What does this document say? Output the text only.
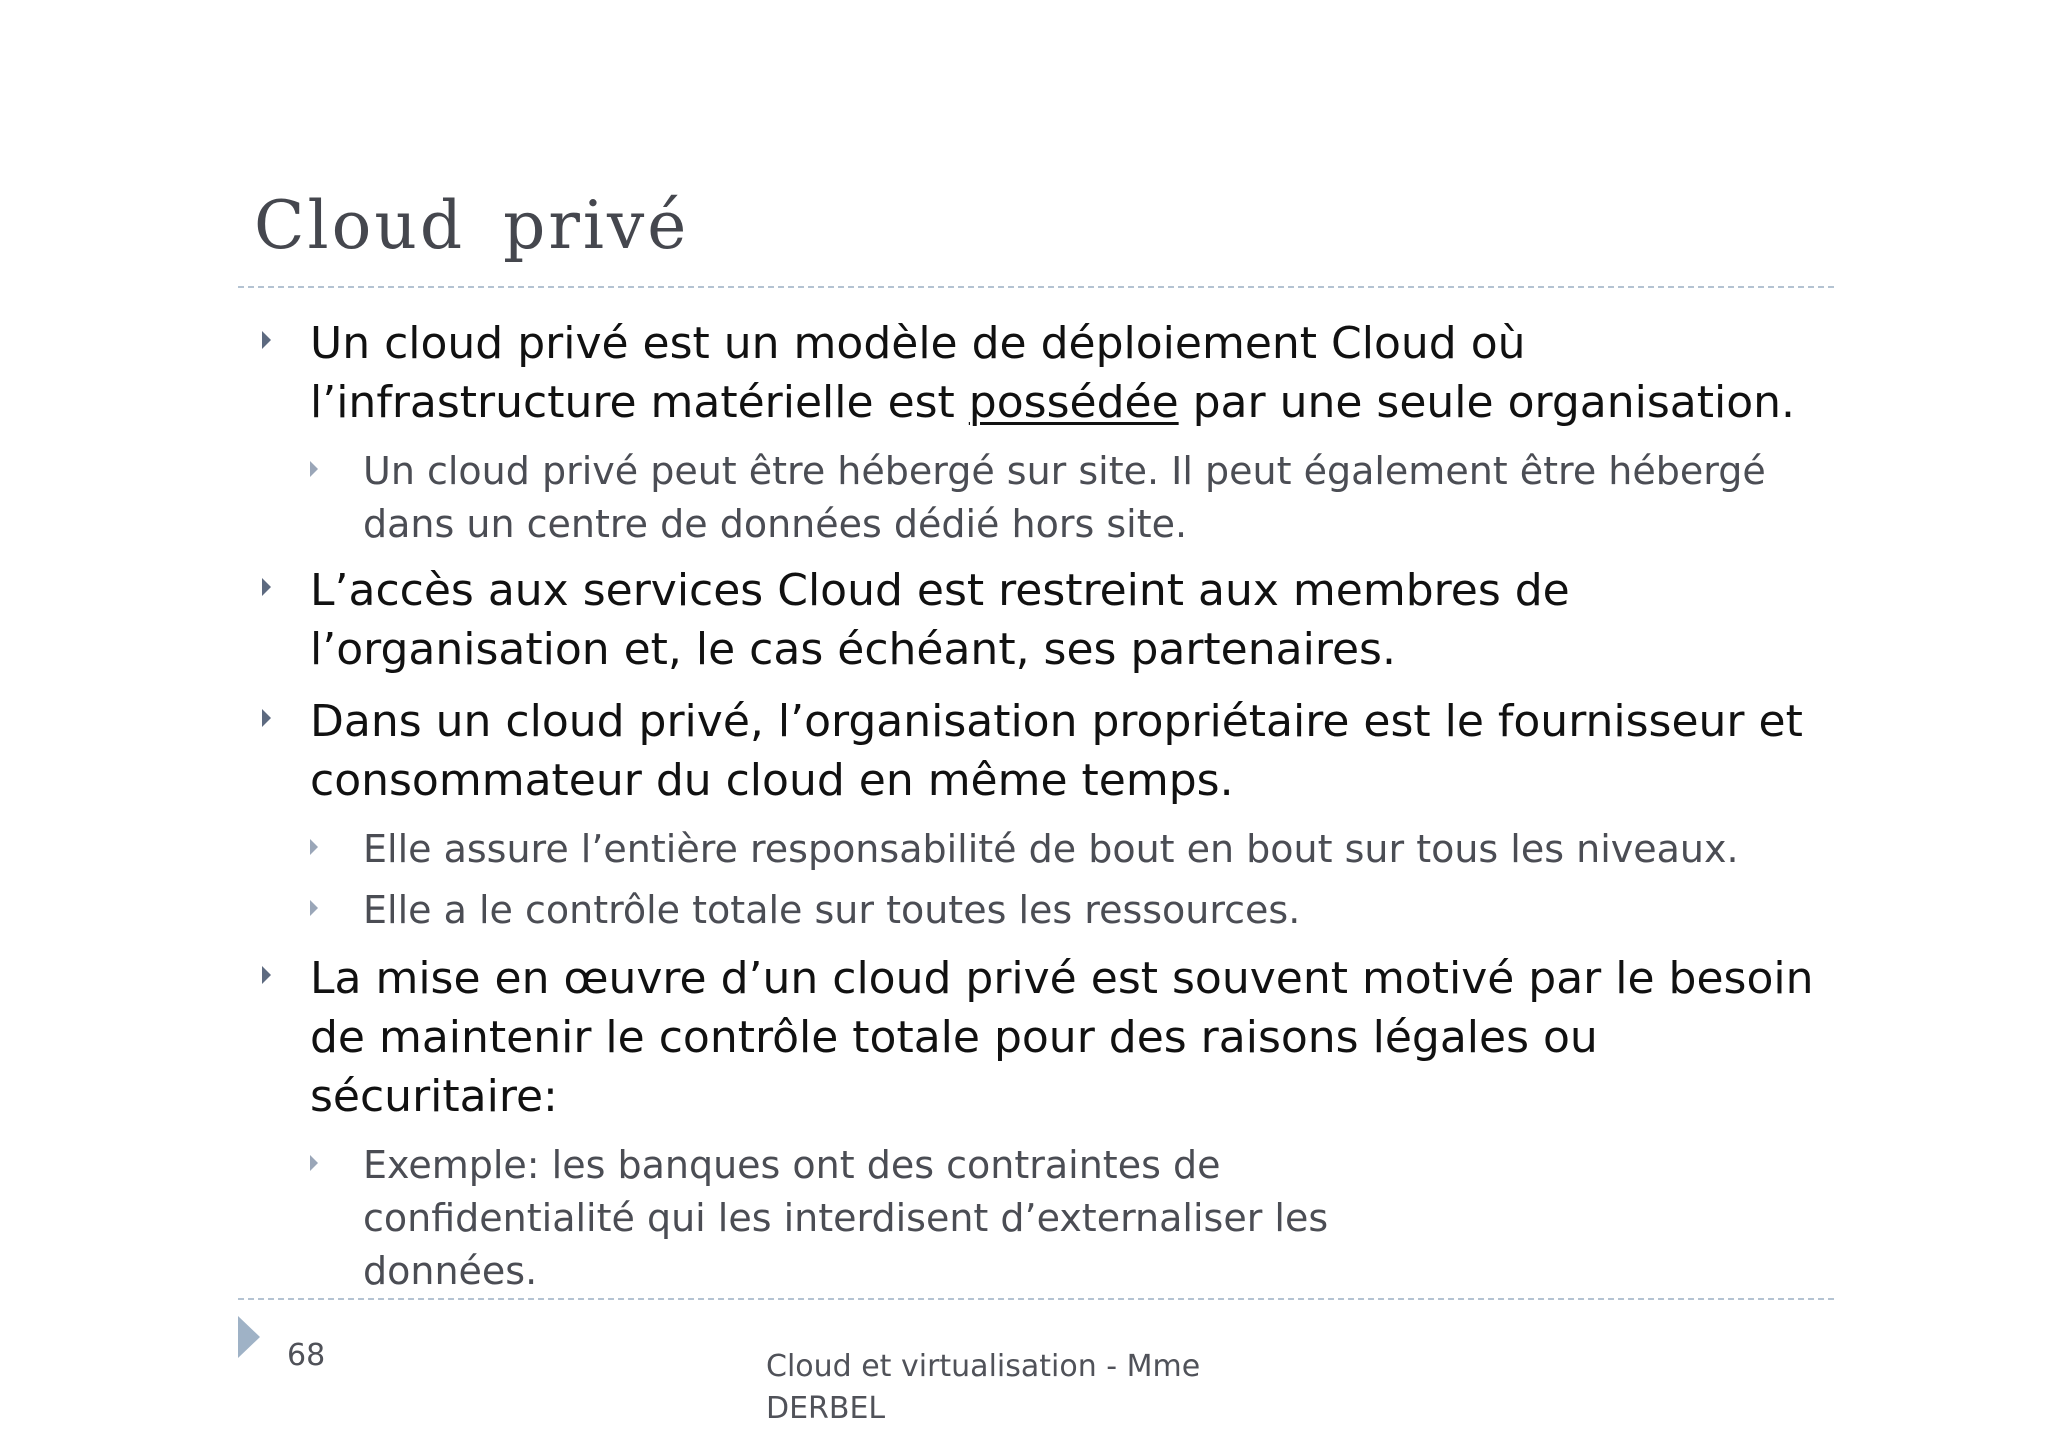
Cloud privé
Un cloud privé est un modèle de déploiement Cloud où l’infrastructure matérielle est possédée par une seule organisation.
Un cloud privé peut être hébergé sur site. Il peut également être hébergé dans un centre de données dédié hors site.
L’accès aux services Cloud est restreint aux membres de l’organisation et, le cas échéant, ses partenaires.
Dans un cloud privé, l’organisation propriétaire est le fournisseur et consommateur du cloud en même temps.
Elle assure l’entière responsabilité de bout en bout sur tous les niveaux.
Elle a le contrôle totale sur toutes les ressources.
La mise en œuvre d’un cloud privé est souvent motivé par le besoin de maintenir le contrôle totale pour des raisons légales ou sécuritaire:
Exemple: les banques ont des contraintes de confidentialité qui les interdisent d’externaliser les données.
68	Cloud et virtualisation - Mme DERBEL
